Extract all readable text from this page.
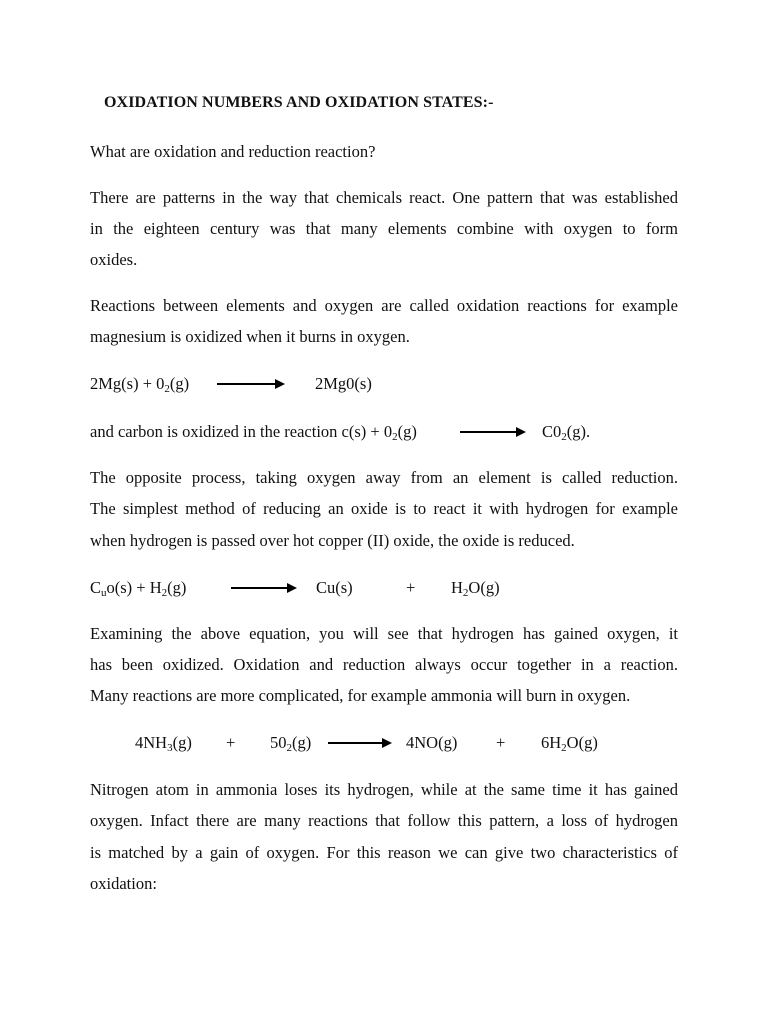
OXIDATION NUMBERS AND OXIDATION STATES:-
What are oxidation and reduction reaction?
There are patterns in the way that chemicals react. One pattern that was established
in the eighteen century was that many elements combine with oxygen to form
oxides.
Reactions between elements and oxygen are called oxidation reactions for example
magnesium is oxidized when it burns in oxygen.
$2Mg(s) + 0_2(g)$	2Mg0(s)
and carbon is oxidized in the reaction $c(s) + 0_2(g)$	$C0_2(g)$.
The opposite process, taking oxygen away from an element is called reduction.
The simplest method of reducing an oxide is to react it with hydrogen for example
when hydrogen is passed over hot copper (II) oxide, the oxide is reduced.
$C_uo(s) + H_2(g)$	Cu(s)	+ $H_2O(g)$
Examining the above equation, you will see that hydrogen has gained oxygen, it
has been oxidized. Oxidation and reduction always occur together in a reaction.
Many reactions are more complicated, for example ammonia will burn in oxygen.
$4NH_3(g) + 50_2(g)$	$4NO(g) + 6H_2O(g)$
Nitrogen atom in ammonia loses its hydrogen, while at the same time it has gained
oxygen. Infact there are many reactions that follow this pattern, a loss of hydrogen
is matched by a gain of oxygen. For this reason we can give two characteristics of
oxidation:
